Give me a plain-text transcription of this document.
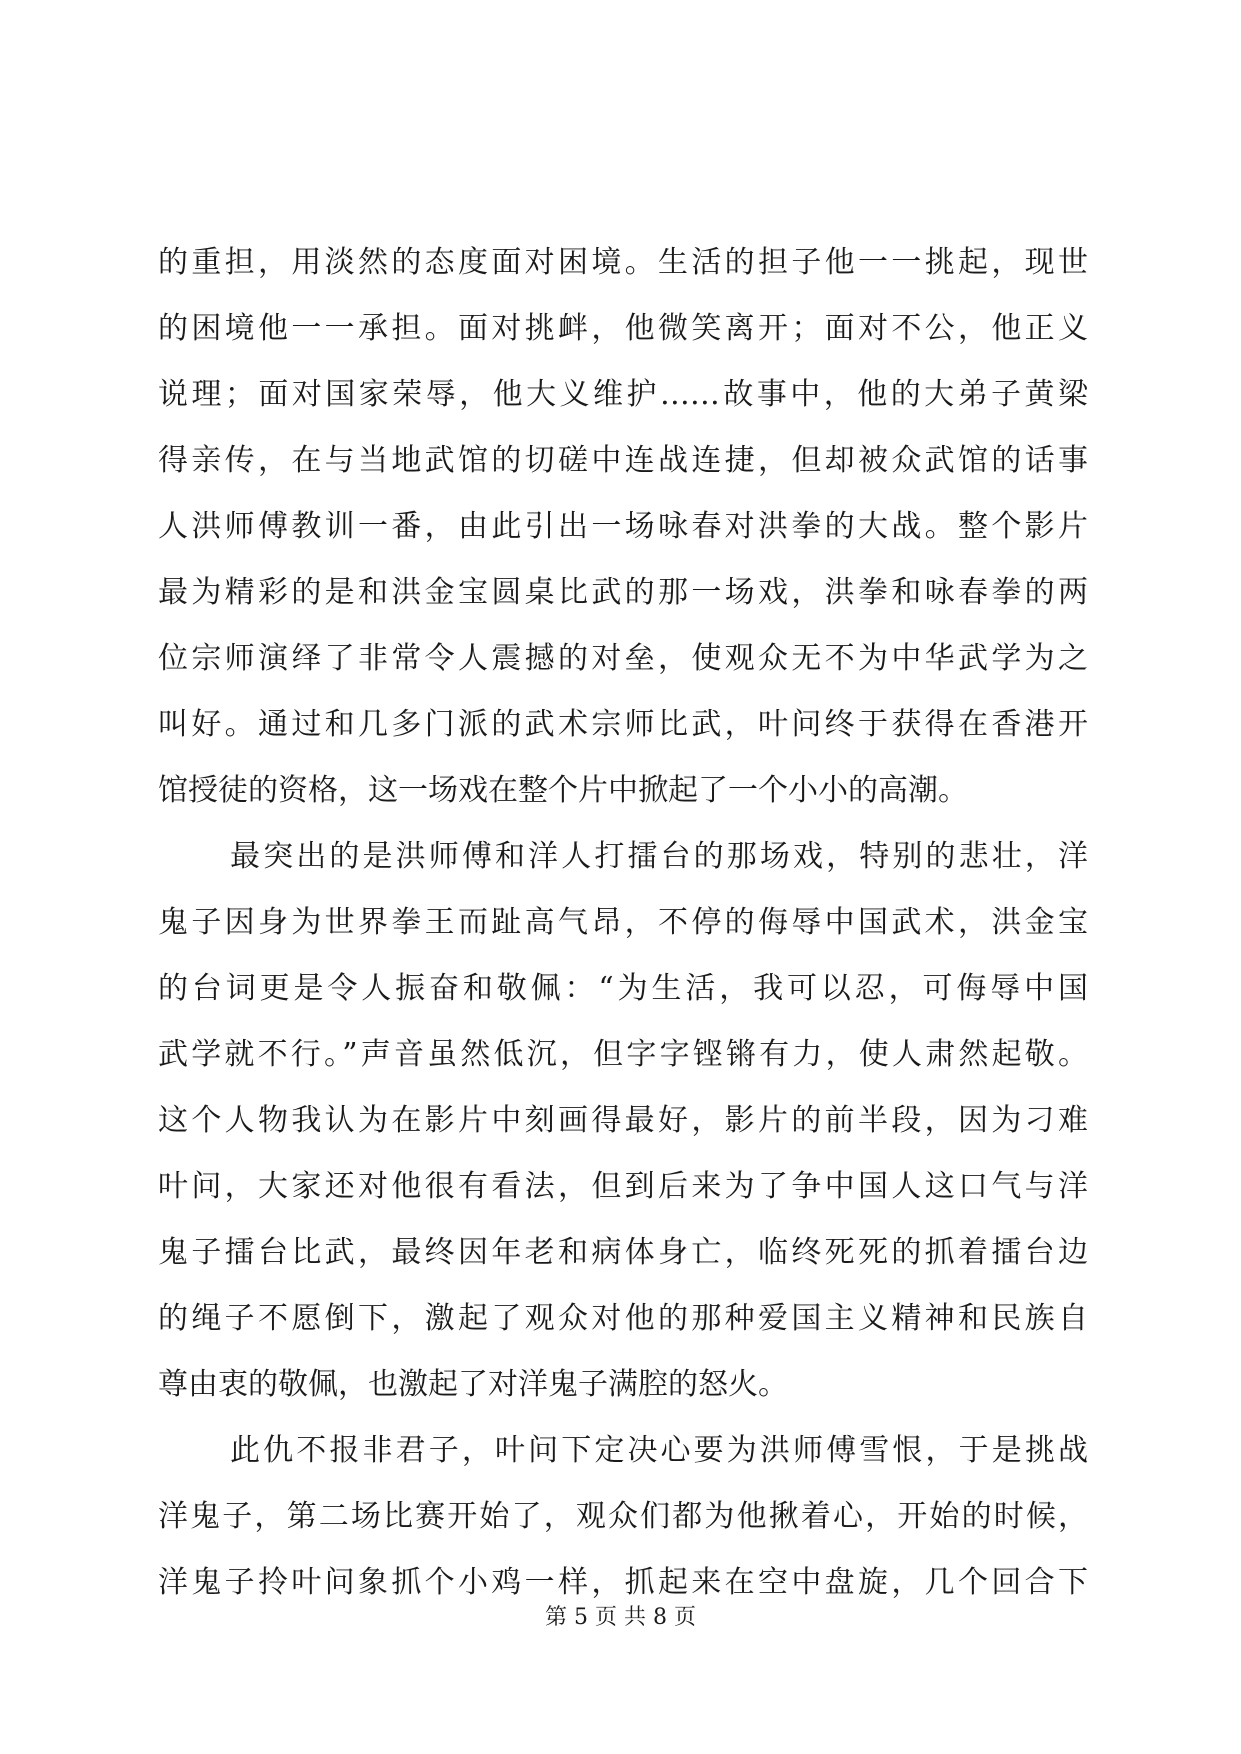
的重担，用淡然的态度面对困境。生活的担子他一一挑起，现世
的困境他一一承担。面对挑衅，他微笑离开；面对不公，他正义
说理；面对国家荣辱，他大义维护……故事中，他的大弟子黄梁
得亲传，在与当地武馆的切磋中连战连捷，但却被众武馆的话事
人洪师傅教训一番，由此引出一场咏春对洪拳的大战。整个影片
最为精彩的是和洪金宝圆桌比武的那一场戏，洪拳和咏春拳的两
位宗师演绎了非常令人震撼的对垒，使观众无不为中华武学为之
叫好。通过和几多门派的武术宗师比武，叶问终于获得在香港开
馆授徒的资格，这一场戏在整个片中掀起了一个小小的高潮。
最突出的是洪师傅和洋人打擂台的那场戏，特别的悲壮，洋
鬼子因身为世界拳王而趾高气昂，不停的侮辱中国武术，洪金宝
的台词更是令人振奋和敬佩：“为生活，我可以忍，可侮辱中国
武学就不行。”声音虽然低沉，但字字铿锵有力，使人肃然起敬。
这个人物我认为在影片中刻画得最好，影片的前半段，因为刁难
叶问，大家还对他很有看法，但到后来为了争中国人这口气与洋
鬼子擂台比武，最终因年老和病体身亡，临终死死的抓着擂台边
的绳子不愿倒下，激起了观众对他的那种爱国主义精神和民族自
尊由衷的敬佩，也激起了对洋鬼子满腔的怒火。
此仇不报非君子，叶问下定决心要为洪师傅雪恨，于是挑战
洋鬼子，第二场比赛开始了，观众们都为他揪着心，开始的时候，
洋鬼子拎叶问象抓个小鸡一样，抓起来在空中盘旋，几个回合下
第 5 页 共 8 页
